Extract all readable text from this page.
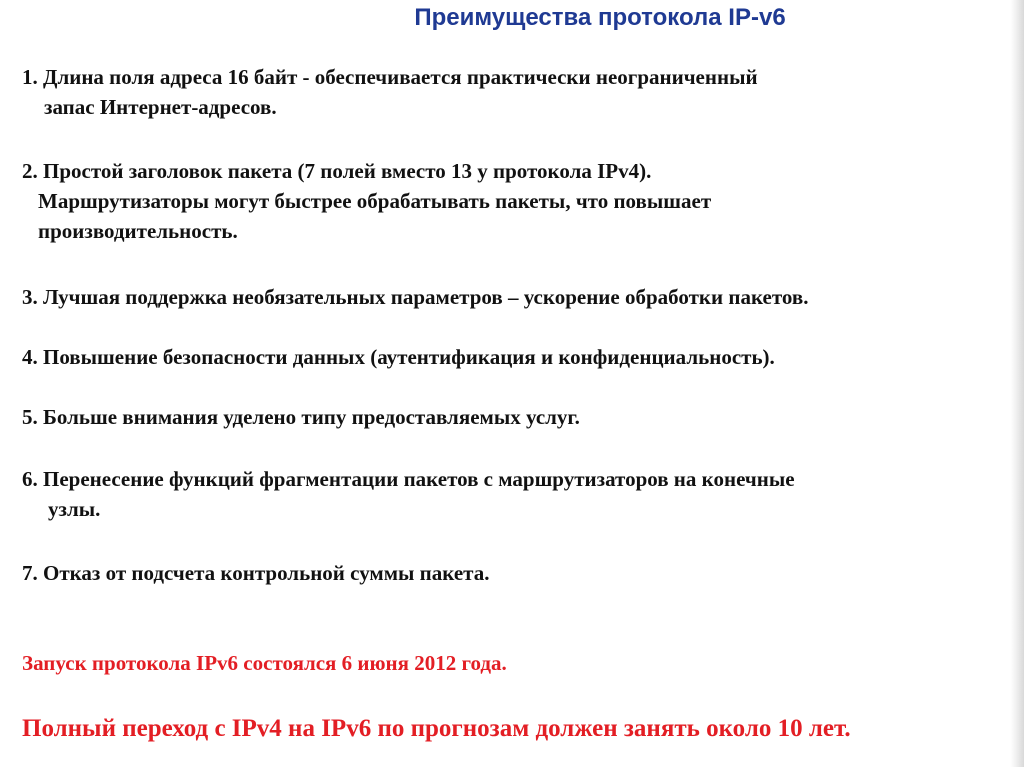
Преимущества протокола IP-v6
1. Длина поля адреса 16 байт - обеспечивается практически неограниченный
запас Интернет-адресов.
2. Простой заголовок пакета (7 полей вместо 13 у протокола IPv4).
Маршрутизаторы могут быстрее обрабатывать пакеты, что повышает
производительность.
3. Лучшая поддержка необязательных параметров – ускорение обработки пакетов.
4. Повышение безопасности данных (аутентификация и конфиденциальность).
5. Больше внимания уделено типу предоставляемых услуг.
6. Перенесение функций фрагментации пакетов с маршрутизаторов на конечные
узлы.
7. Отказ от подсчета контрольной суммы пакета.
Запуск протокола IPv6 состоялся 6 июня 2012 года.
Полный переход с IPv4 на IPv6 по прогнозам должен занять около 10 лет.
